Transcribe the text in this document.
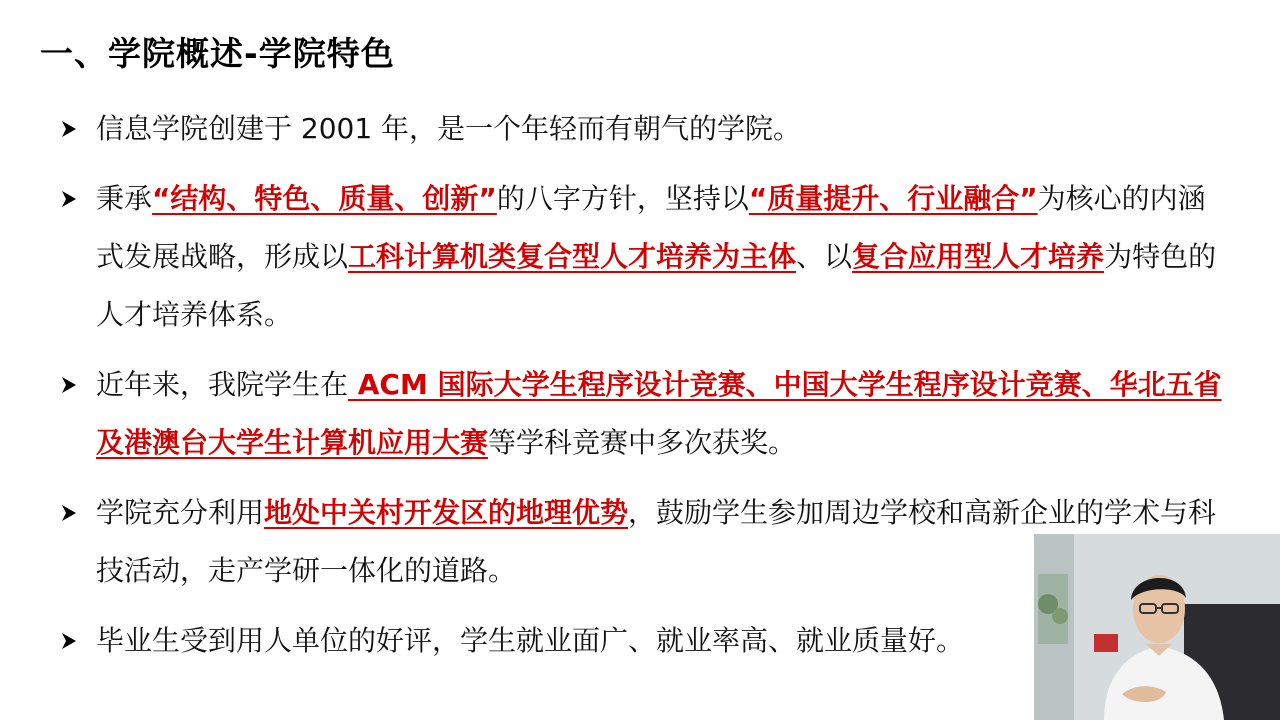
一、学院概述-学院特色
信息学院创建于 2001 年，是一个年轻而有朝气的学院。
秉承“结构、特色、质量、创新”的八字方针，坚持以“质量提升、行业融合”为核心的内涵式发展战略，形成以工科计算机类复合型人才培养为主体、以复合应用型人才培养为特色的人才培养体系。
近年来，我院学生在 ACM 国际大学生程序设计竞赛、中国大学生程序设计竞赛、华北五省及港澳台大学生计算机应用大赛等学科竞赛中多次获奖。
学院充分利用地处中关村开发区的地理优势，鼓励学生参加周边学校和高新企业的学术与科技活动，走产学研一体化的道路。
毕业生受到用人单位的好评，学生就业面广、就业率高、就业质量好。
